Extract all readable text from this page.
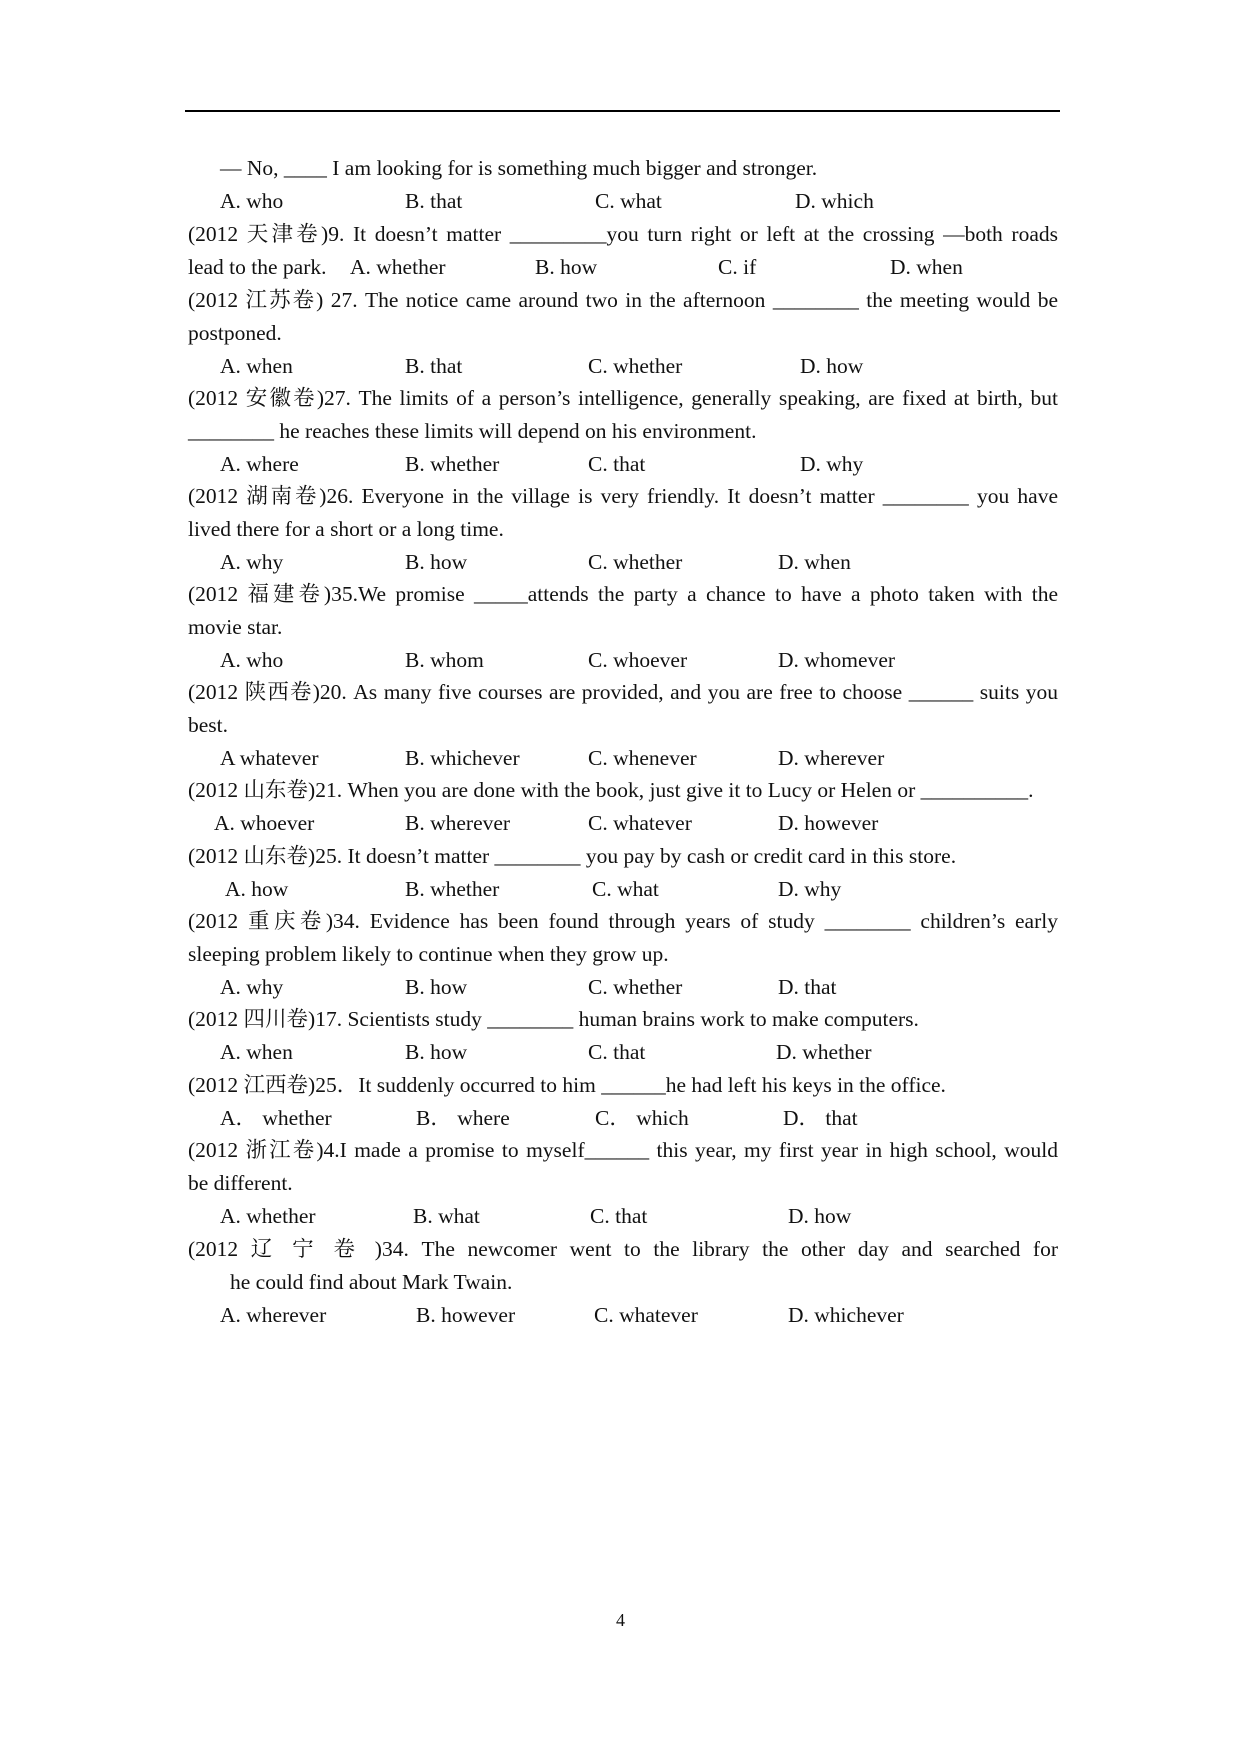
— No, ____ I am looking for is something much bigger and stronger.
A. who	B. that	C. what	D. which
(2012 天津卷)9. It doesn’t matter _________you turn right or left at the crossing —both roads
lead to the park. A. whether	B. how	C. if	D. when
(2012 江苏卷) 27. The notice came around two in the afternoon ________ the meeting would be
postponed.
A. when	B. that	C. whether	D. how
(2012 安徽卷)27. The limits of a person’s intelligence, generally speaking, are fixed at birth, but
________ he reaches these limits will depend on his environment.
A. where	B. whether	C. that	D. why
(2012 湖南卷)26. Everyone in the village is very friendly. It doesn’t matter ________ you have
lived there for a short or a long time.
A. why	B. how	C. whether	D. when
(2012 福建卷)35.We promise _____attends the party a chance to have a photo taken with the
movie star.
A. who	B. whom	C. whoever	D. whomever
(2012 陕西卷)20. As many five courses are provided, and you are free to choose ______ suits you
best.
A whatever	B. whichever	C. whenever	D. wherever
(2012 山东卷)21. When you are done with the book, just give it to Lucy or Helen or __________.
A. whoever	B. wherever	C. whatever	D. however
(2012 山东卷)25. It doesn’t matter ________ you pay by cash or credit card in this store.
A. how	B. whether	C. what	D. why
(2012 重庆卷)34. Evidence has been found through years of study ________ children’s early
sleeping problem likely to continue when they grow up.
A. why	B. how	C. whether	D. that
(2012 四川卷)17. Scientists study ________ human brains work to make computers.
A. when	B. how	C. that	D. whether
(2012 江西卷)25．It suddenly occurred to him ______he had left his keys in the office.
A． whether	B． where	C． which	D． that
(2012 浙江卷)4.I made a promise to myself______ this year, my first year in high school, would
be different.
A. whether	B. what	C. that	D. how
(2012 辽 宁 卷 )34. The newcomer went to the library the other day and searched for
he could find about Mark Twain.
A. wherever	B. however	C. whatever	D. whichever
4
